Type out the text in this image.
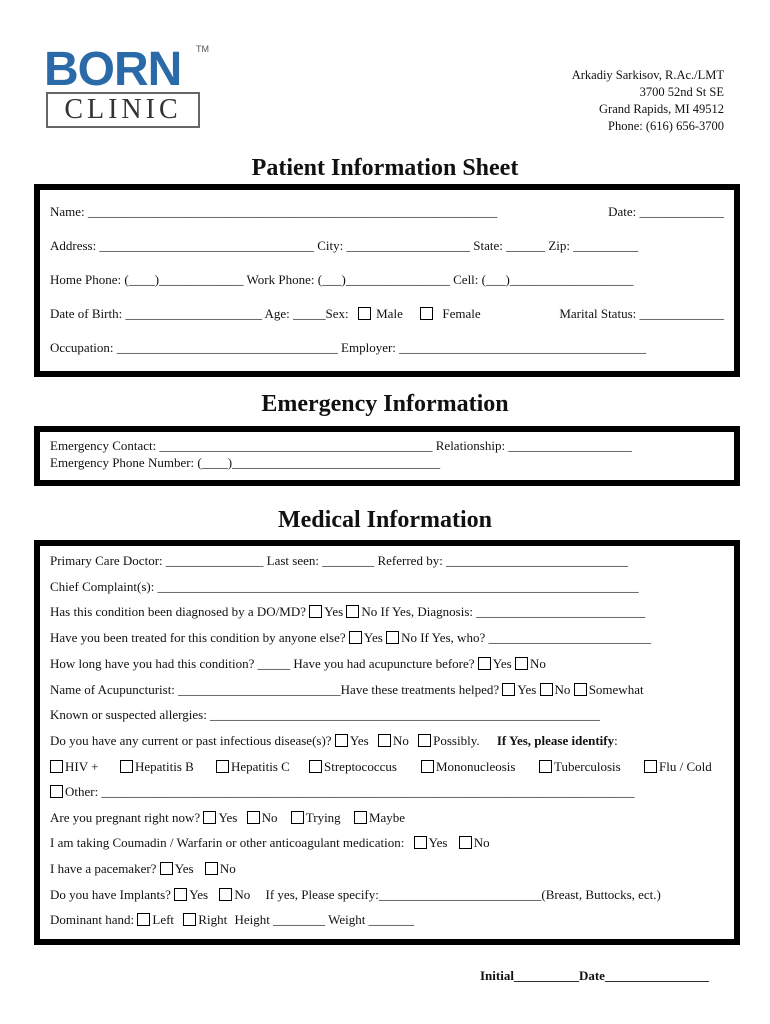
BORN TM
CLINIC
Arkadiy Sarkisov, R.Ac./LMT
3700 52nd St SE
Grand Rapids, MI 49512
Phone: (616) 656-3700
Patient Information Sheet
Name: _______________________________________________________________	Date: _____________
Address: _________________________________ City: ___________________ State: ______ Zip: __________
Home Phone: (____)_____________ Work Phone: (___)________________ Cell: (___)___________________
Date of Birth: _____________________ Age: _____Sex: Male	Female	Marital Status: _____________
Occupation: __________________________________ Employer: ______________________________________
Emergency Information
Emergency Contact: __________________________________________ Relationship: ___________________
Emergency Phone Number: (____)________________________________
Medical Information
Primary Care Doctor: _______________ Last seen: ________ Referred by: ____________________________
Chief Complaint(s): __________________________________________________________________________
Has this condition been diagnosed by a DO/MD? Yes No If Yes, Diagnosis: __________________________
Have you been treated for this condition by anyone else? Yes No If Yes, who? _________________________
How long have you had this condition? _____ Have you had acupuncture before? Yes No
Name of Acupuncturist: _________________________Have these treatments helped? Yes No Somewhat
Known or suspected allergies: ____________________________________________________________
Do you have any current or past infectious disease(s)? Yes No Possibly. If Yes, please identify:
HIV +	Hepatitis B	Hepatitis C	Streptococcus	Mononucleosis	Tuberculosis	Flu / Cold
Other: __________________________________________________________________________________
Are you pregnant right now? Yes No Trying Maybe
I am taking Coumadin / Warfarin or other anticoagulant medication: Yes No
I have a pacemaker? Yes No
Do you have Implants? Yes No If yes, Please specify:_________________________(Breast, Buttocks, ect.)
Dominant hand: Left Right Height ________ Weight _______
Initial__________Date________________
